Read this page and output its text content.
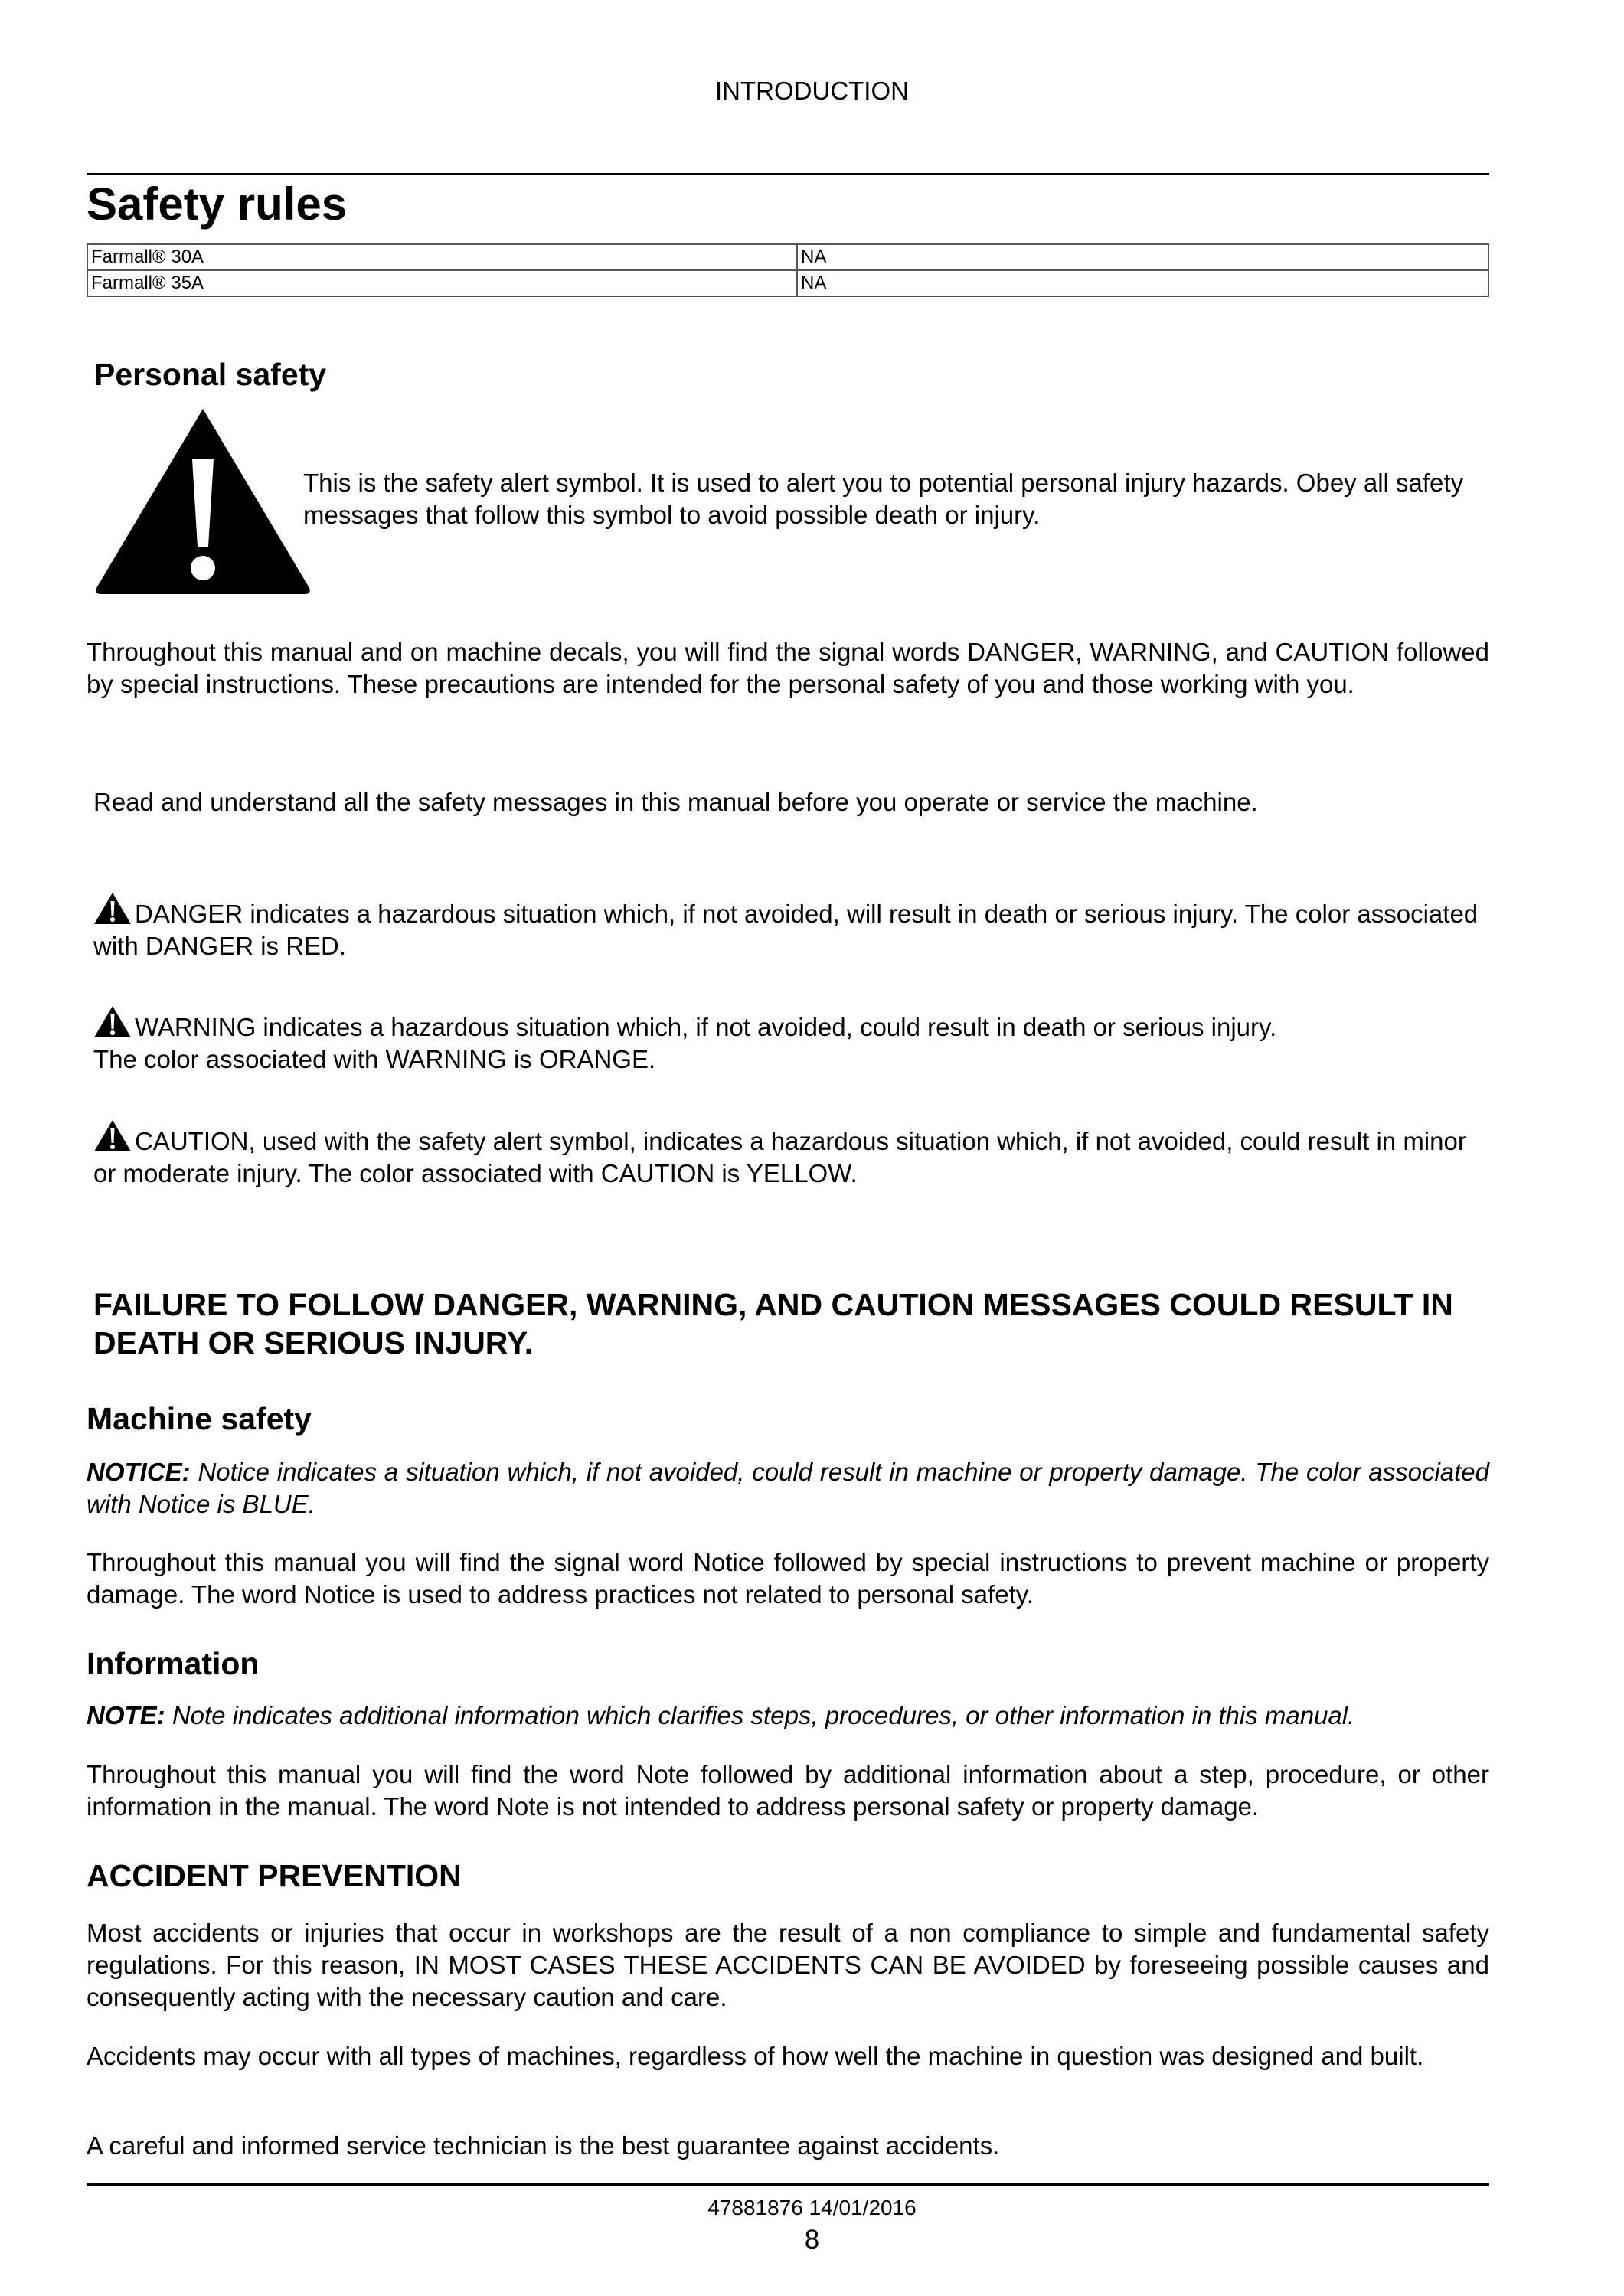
INTRODUCTION
Safety rules
Farmall® 30A	NA
Farmall® 35A	NA
Personal safety
This is the safety alert symbol. It is used to alert you to potential personal injury hazards. Obey all safety messages that follow this symbol to avoid possible death or injury.
Throughout this manual and on machine decals, you will find the signal words DANGER, WARNING, and CAUTION followed by special instructions. These precautions are intended for the personal safety of you and those working with you.
Read and understand all the safety messages in this manual before you operate or service the machine.
DANGER indicates a hazardous situation which, if not avoided, will result in death or serious injury. The color associated with DANGER is RED.
WARNING indicates a hazardous situation which, if not avoided, could result in death or serious injury.
The color associated with WARNING is ORANGE.
CAUTION, used with the safety alert symbol, indicates a hazardous situation which, if not avoided, could result in minor or moderate injury. The color associated with CAUTION is YELLOW.
FAILURE TO FOLLOW DANGER, WARNING, AND CAUTION MESSAGES COULD RESULT IN DEATH OR SERIOUS INJURY.
Machine safety
NOTICE: Notice indicates a situation which, if not avoided, could result in machine or property damage. The color associated with Notice is BLUE.
Throughout this manual you will find the signal word Notice followed by special instructions to prevent machine or property damage. The word Notice is used to address practices not related to personal safety.
Information
NOTE: Note indicates additional information which clarifies steps, procedures, or other information in this manual.
Throughout this manual you will find the word Note followed by additional information about a step, procedure, or other information in the manual. The word Note is not intended to address personal safety or property damage.
ACCIDENT PREVENTION
Most accidents or injuries that occur in workshops are the result of a non compliance to simple and fundamental safety regulations. For this reason, IN MOST CASES THESE ACCIDENTS CAN BE AVOIDED by foreseeing possible causes and consequently acting with the necessary caution and care.
Accidents may occur with all types of machines, regardless of how well the machine in question was designed and built.
A careful and informed service technician is the best guarantee against accidents.
47881876 14/01/2016
8
